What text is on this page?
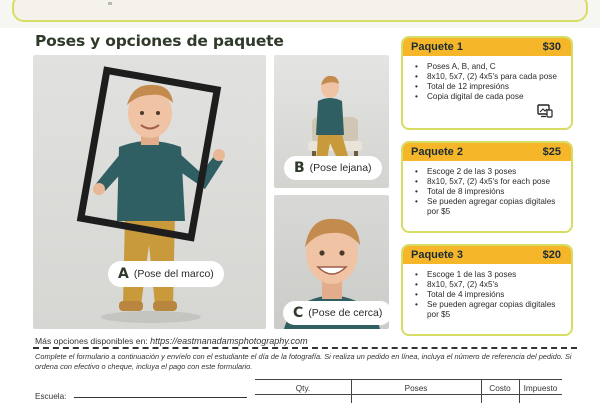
Poses y opciones de paquete
A (Pose del marco)
B (Pose lejana)
C (Pose de cerca)
Paquete 1	$30
• Poses A, B, and, C
• 8x10, 5x7, (2) 4x5's para cada pose
• Total de 12 impresións
• Copia digital de cada pose
Paquete 2	$25
• Escoge 2 de las 3 poses
• 8x10, 5x7, (2) 4x5's for each pose
• Total de 8 impresións
• Se pueden agregar copias digitales por $5
Paquete 3	$20
• Escoge 1 de las 3 poses
• 8x10, 5x7, (2) 4x5's
• Total de 4 impresións
• Se pueden agregar copias digitales por $5
Más opciones disponibles en: https://eastmanadamsphotography.com
Complete el formulario a continuación y envíelo con el estudiante el día de la fotografía. Si realiza un pedido en línea, incluya el número de referencia del pedido. Si ordena con efectivo o cheque, incluya el pago con este formulario.
Escuela:
Qty.	Poses	Costo	Impuesto
